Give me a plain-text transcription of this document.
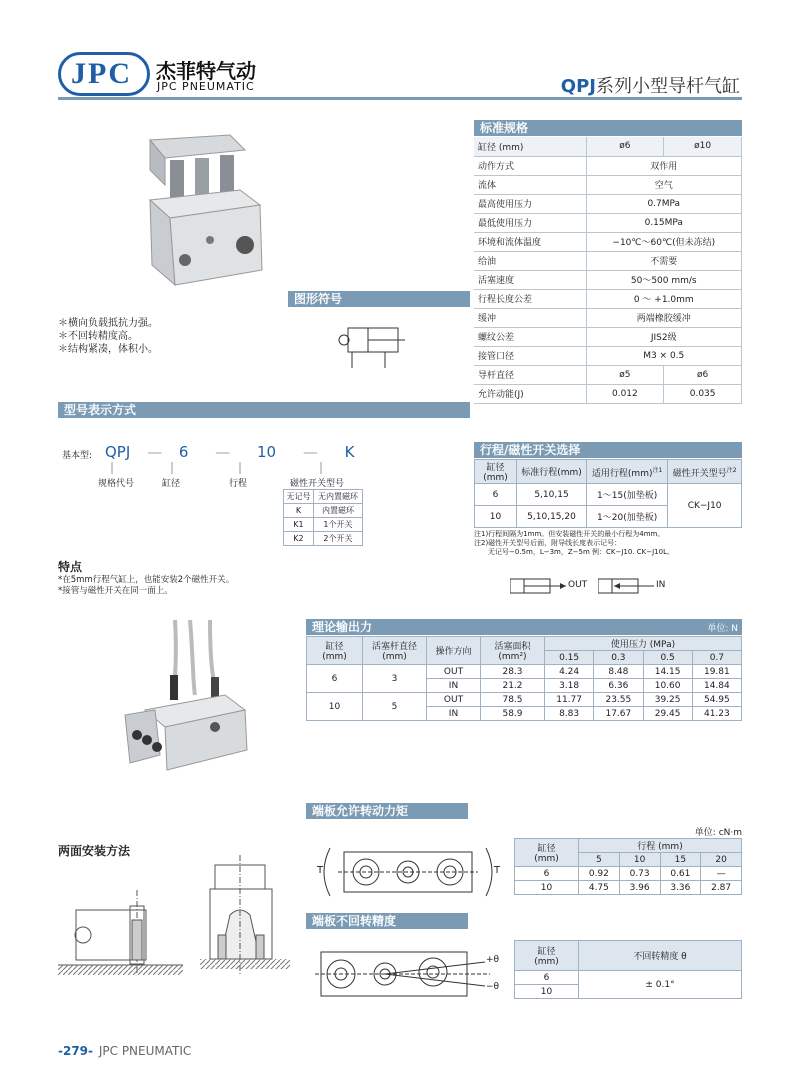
JPC 杰菲特气动
JPC PNEUMATIC	QPJ系列小型导杆气缸
＊横向负载抵抗力强。
＊不回转精度高。
＊结构紧凑，体积小。
图形符号
标准规格
缸径 (mm)	ø6	ø10
动作方式	双作用	
流体	空气	
最高使用压力	0.7MPa	
最低使用压力	0.15MPa	
环境和流体温度	−10℃～60℃(但未冻结)	
给油	不需要	
活塞速度	50～500 mm/s	
行程长度公差	0 ～ +1.0mm	
缓冲	两端橡胶缓冲	
螺纹公差	JIS2级	
接管口径	M3 × 0.5	
导杆直径	ø5	ø6
允许动能(J)	0.012	0.035
型号表示方式
基本型: QPJ — 6 — 10 — K
规格代号	缸径	行程	磁性开关型号
无记号	无内置磁环
K	内置磁环
K1	1个开关
K2	2个开关
特点
*在5mm行程气缸上，也能安装2个磁性开关。
*接管与磁性开关在同一面上。
行程/磁性开关选择
缸径(mm)	标准行程(mm)	适用行程(mm)$^{注1}$	磁性开关型号$^{注2}$
6	5,10,15	1～15(加垫板)	CK−J10
10	5,10,15,20	1～20(加垫板)	
注1)行程间隔为1mm。但安装磁性开关的最小行程为4mm。
注2)磁性开关型号后面，附导线长度表示记号：
无记号−0.5m，L−3m，Z−5m 例：CK−J10. CK−J10L。
OUT	IN
理论输出力	单位: N
缸径
(mm)	活塞杆直径
(mm)	操作方向	活塞面积
(mm²)	使用压力 (MPa)			
				0.15	0.3	0.5	0.7
6	3	OUT	28.3	4.24	8.48	14.15	19.81
		IN	21.2	3.18	6.36	10.60	14.84
10	5	OUT	78.5	11.77	23.55	39.25	54.95
		IN	58.9	8.83	17.67	29.45	41.23
两面安装方法
端板允许转动力矩
单位: cN·m
T	T
缸径
(mm)	行程 (mm)			
	5	10	15	20
6	0.92	0.73	0.61	—
10	4.75	3.96	3.36	2.87
端板不回转精度
+θ
−θ
缸径
(mm)	不回转精度 θ
6	± 0.1°
10	
-279- JPC PNEUMATIC
